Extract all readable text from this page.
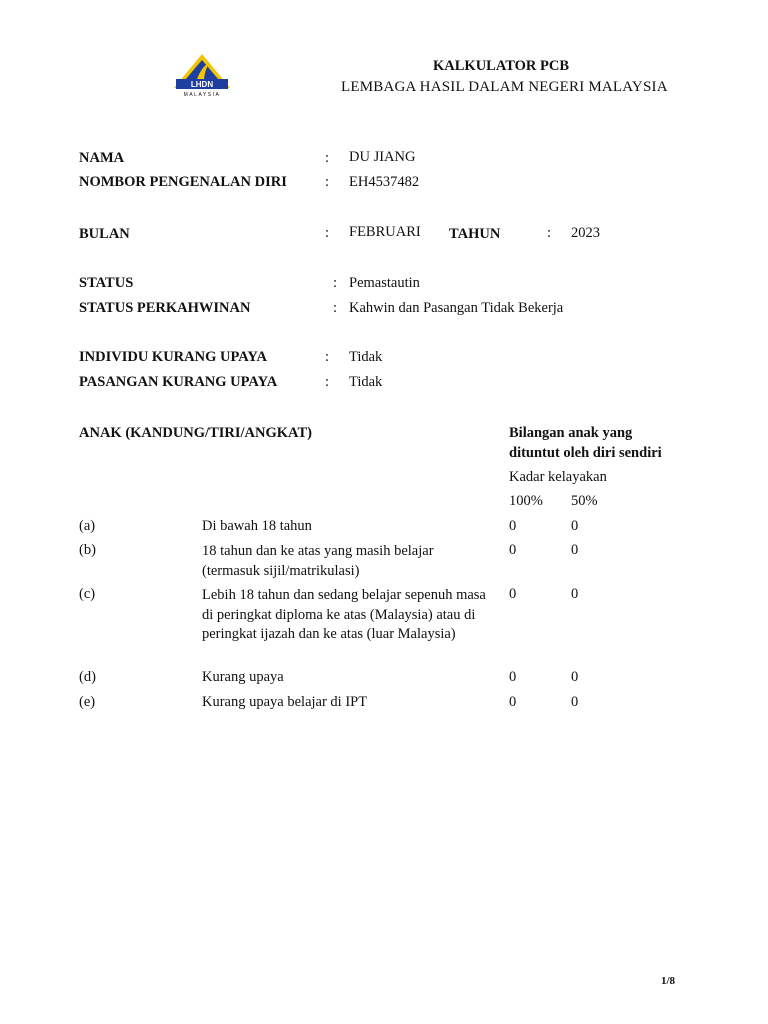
LHDN
MALAYSIA
KALKULATOR PCB
LEMBAGA HASIL DALAM NEGERI MALAYSIA
NAMA	: DU JIANG
NOMBOR PENGENALAN DIRI	: EH4537482
BULAN	: FEBRUARI TAHUN	: 2023
STATUS	: Pemastautin
STATUS PERKAHWINAN	: Kahwin dan Pasangan Tidak Bekerja
INDIVIDU KURANG UPAYA	: Tidak
PASANGAN KURANG UPAYA	: Tidak
ANAK (KANDUNG/TIRI/ANGKAT)	Bilangan anak yang
dituntut oleh diri sendiri
Kadar kelayakan
100% 50%
(a)	Di bawah 18 tahun	0	0
(b)	18 tahun dan ke atas yang masih belajar (termasuk sijil/matrikulasi)
0	0
(c)	Lebih 18 tahun dan sedang belajar sepenuh masa di peringkat diploma ke atas (Malaysia) atau di peringkat ijazah dan ke atas (luar Malaysia)
0	0
(d)	Kurang upaya	0	0
(e)	Kurang upaya belajar di IPT	0	0
1/8
